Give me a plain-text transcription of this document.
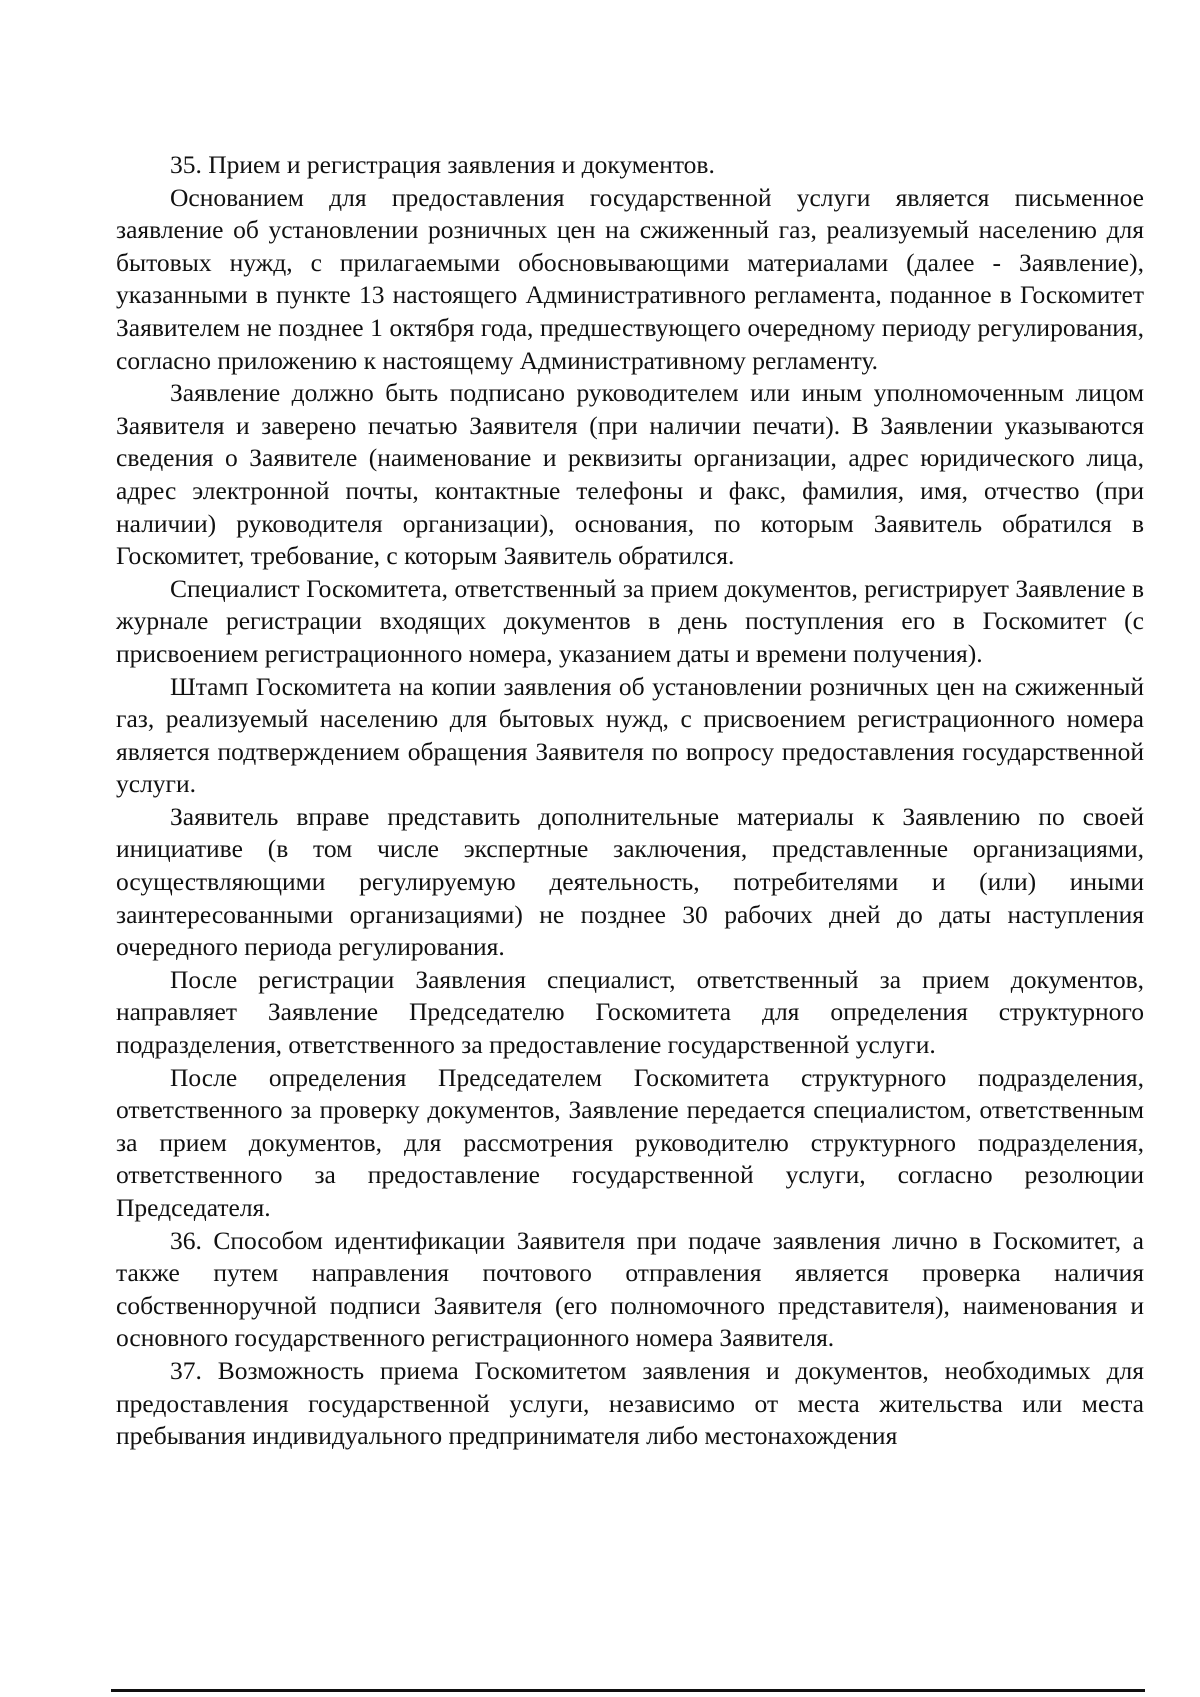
35. Прием и регистрация заявления и документов.

Основанием для предоставления государственной услуги является письменное заявление об установлении розничных цен на сжиженный газ, реализуемый населению для бытовых нужд, с прилагаемыми обосновывающими материалами (далее - Заявление), указанными в пункте 13 настоящего Административного регламента, поданное в Госкомитет Заявителем не позднее 1 октября года, предшествующего очередному периоду регулирования, согласно приложению к настоящему Административному регламенту.

Заявление должно быть подписано руководителем или иным уполномоченным лицом Заявителя и заверено печатью Заявителя (при наличии печати). В Заявлении указываются сведения о Заявителе (наименование и реквизиты организации, адрес юридического лица, адрес электронной почты, контактные телефоны и факс, фамилия, имя, отчество (при наличии) руководителя организации), основания, по которым Заявитель обратился в Госкомитет, требование, с которым Заявитель обратился.

Специалист Госкомитета, ответственный за прием документов, регистрирует Заявление в журнале регистрации входящих документов в день поступления его в Госкомитет (с присвоением регистрационного номера, указанием даты и времени получения).

Штамп Госкомитета на копии заявления об установлении розничных цен на сжиженный газ, реализуемый населению для бытовых нужд, с присвоением регистрационного номера является подтверждением обращения Заявителя по вопросу предоставления государственной услуги.

Заявитель вправе представить дополнительные материалы к Заявлению по своей инициативе (в том числе экспертные заключения, представленные организациями, осуществляющими регулируемую деятельность, потребителями и (или) иными заинтересованными организациями) не позднее 30 рабочих дней до даты наступления очередного периода регулирования.

После регистрации Заявления специалист, ответственный за прием документов, направляет Заявление Председателю Госкомитета для определения структурного подразделения, ответственного за предоставление государственной услуги.

После определения Председателем Госкомитета структурного подразделения, ответственного за проверку документов, Заявление передается специалистом, ответственным за прием документов, для рассмотрения руководителю структурного подразделения, ответственного за предоставление государственной услуги, согласно резолюции Председателя.

36. Способом идентификации Заявителя при подаче заявления лично в Госкомитет, а также путем направления почтового отправления является проверка наличия собственноручной подписи Заявителя (его полномочного представителя), наименования и основного государственного регистрационного номера Заявителя.

37. Возможность приема Госкомитетом заявления и документов, необходимых для предоставления государственной услуги, независимо от места жительства или места пребывания индивидуального предпринимателя либо местонахождения
